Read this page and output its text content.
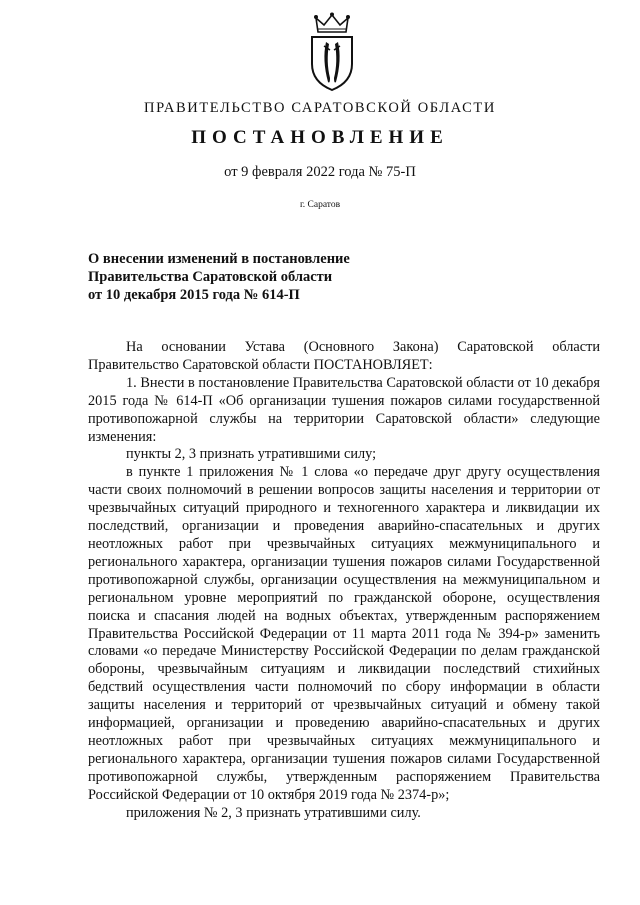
ПРАВИТЕЛЬСТВО САРАТОВСКОЙ ОБЛАСТИ
ПОСТАНОВЛЕНИЕ
от 9 февраля 2022 года № 75-П
г. Саратов
О внесении изменений в постановление
Правительства Саратовской области
от 10 декабря 2015 года № 614-П

На основании Устава (Основного Закона) Саратовской области Правительство Саратовской области ПОСТАНОВЛЯЕТ:

1. Внести в постановление Правительства Саратовской области от 10 декабря 2015 года № 614-П «Об организации тушения пожаров силами государственной противопожарной службы на территории Саратовской области» следующие изменения:

пункты 2, 3 признать утратившими силу;

в пункте 1 приложения № 1 слова «о передаче друг другу осуществления части своих полномочий в решении вопросов защиты населения и территории от чрезвычайных ситуаций природного и техногенного характера и ликвидации их последствий, организации и проведения аварийно-спасательных и других неотложных работ при чрезвычайных ситуациях межмуниципального и регионального характера, организации тушения пожаров силами Государственной противопожарной службы, организации осуществления на межмуниципальном и региональном уровне мероприятий по гражданской обороне, осуществления поиска и спасания людей на водных объектах, утвержденным распоряжением Правительства Российской Федерации от 11 марта 2011 года № 394-р» заменить словами «о передаче Министерству Российской Федерации по делам гражданской обороны, чрезвычайным ситуациям и ликвидации последствий стихийных бедствий осуществления части полномочий по сбору информации в области защиты населения и территорий от чрезвычайных ситуаций и обмену такой информацией, организации и проведению аварийно-спасательных и других неотложных работ при чрезвычайных ситуациях межмуниципального и регионального характера, организации тушения пожаров силами Государственной противопожарной службы, утвержденным распоряжением Правительства Российской Федерации от 10 октября 2019 года № 2374-р»;

приложения № 2, 3 признать утратившими силу.
